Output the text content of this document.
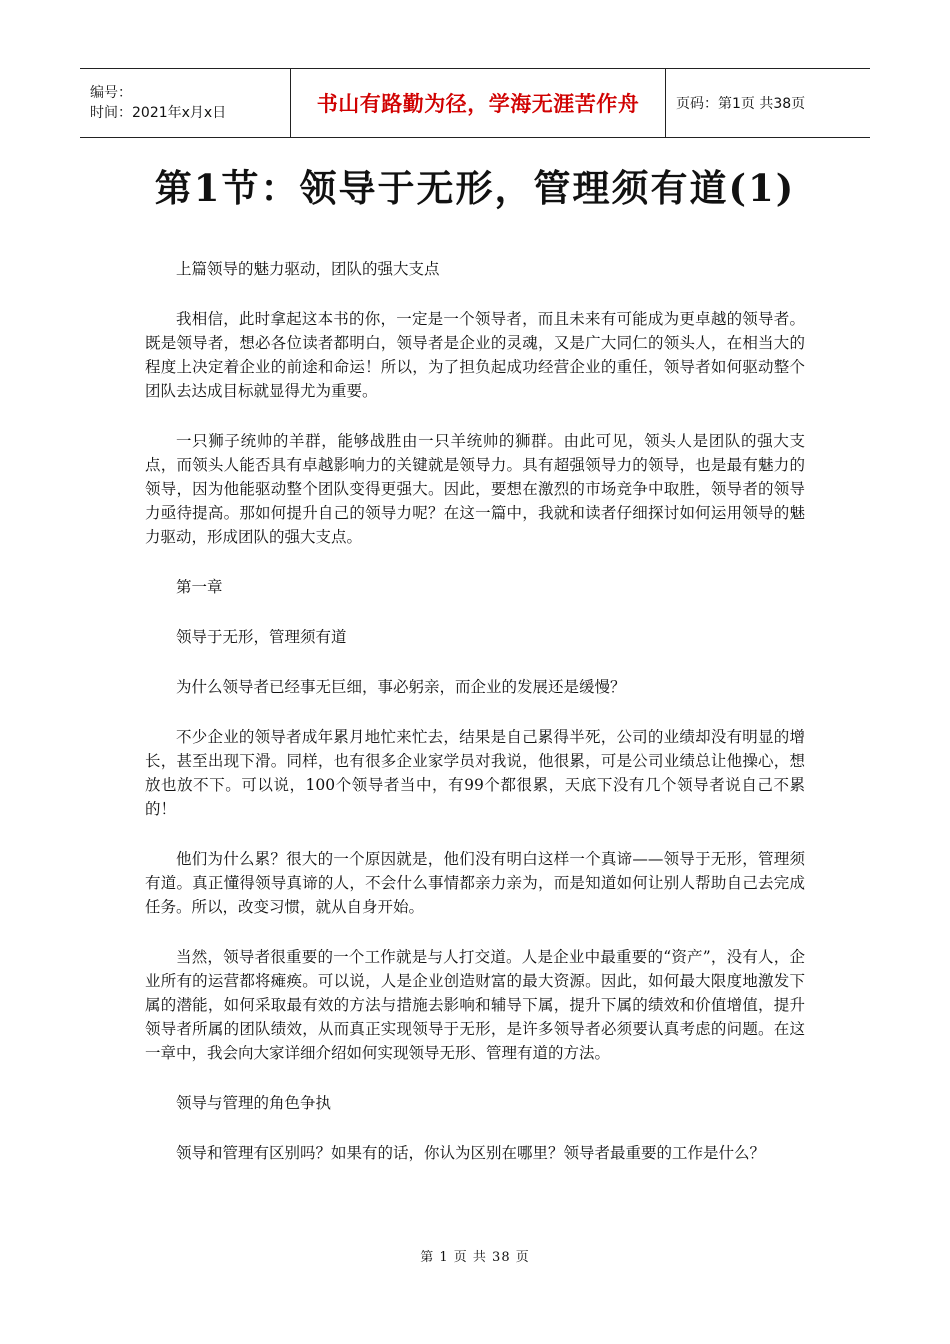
编号：
时间：2021年x月x日	书山有路勤为径，学海无涯苦作舟	页码：第1页 共38页
第1节：领导于无形，管理须有道(1)

上篇领导的魅力驱动，团队的强大支点

我相信，此时拿起这本书的你，一定是一个领导者，而且未来有可能成为更卓越的领导者。既是领导者，想必各位读者都明白，领导者是企业的灵魂，又是广大同仁的领头人，在相当大的程度上决定着企业的前途和命运！所以，为了担负起成功经营企业的重任，领导者如何驱动整个团队去达成目标就显得尤为重要。

一只狮子统帅的羊群，能够战胜由一只羊统帅的狮群。由此可见，领头人是团队的强大支点，而领头人能否具有卓越影响力的关键就是领导力。具有超强领导力的领导，也是最有魅力的领导，因为他能驱动整个团队变得更强大。因此，要想在激烈的市场竞争中取胜，领导者的领导力亟待提高。那如何提升自己的领导力呢？在这一篇中，我就和读者仔细探讨如何运用领导的魅力驱动，形成团队的强大支点。

第一章

领导于无形，管理须有道

为什么领导者已经事无巨细，事必躬亲，而企业的发展还是缓慢？

不少企业的领导者成年累月地忙来忙去，结果是自己累得半死，公司的业绩却没有明显的增长，甚至出现下滑。同样，也有很多企业家学员对我说，他很累，可是公司业绩总让他操心，想放也放不下。可以说，100个领导者当中，有99个都很累，天底下没有几个领导者说自己不累的！

他们为什么累？很大的一个原因就是，他们没有明白这样一个真谛——领导于无形，管理须有道。真正懂得领导真谛的人，不会什么事情都亲力亲为，而是知道如何让别人帮助自己去完成任务。所以，改变习惯，就从自身开始。

当然，领导者很重要的一个工作就是与人打交道。人是企业中最重要的“资产”，没有人，企业所有的运营都将瘫痪。可以说，人是企业创造财富的最大资源。因此，如何最大限度地激发下属的潜能，如何采取最有效的方法与措施去影响和辅导下属，提升下属的绩效和价值增值，提升领导者所属的团队绩效，从而真正实现领导于无形，是许多领导者必须要认真考虑的问题。在这一章中，我会向大家详细介绍如何实现领导无形、管理有道的方法。

领导与管理的角色争执

领导和管理有区别吗？如果有的话，你认为区别在哪里？领导者最重要的工作是什么？

第 1 页 共 38 页
